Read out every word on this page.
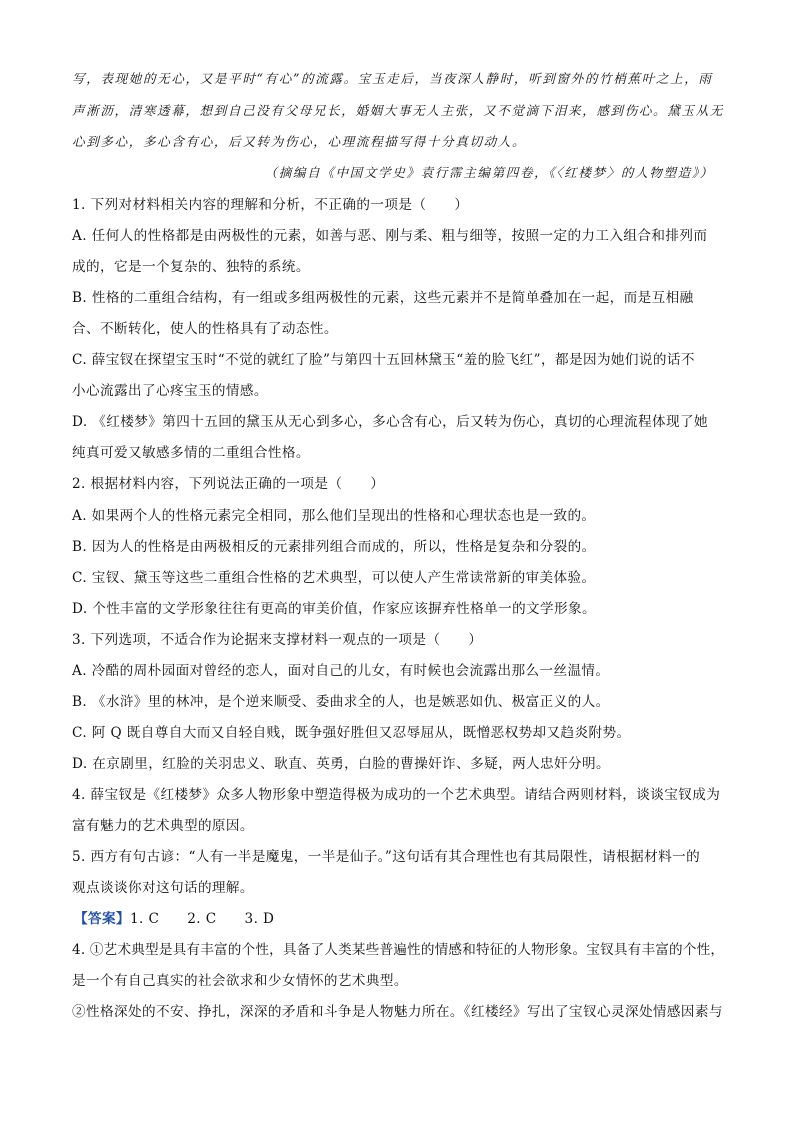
写，表现她的无心，又是平时“有心”的流露。宝玉走后，当夜深人静时，听到窗外的竹梢蕉叶之上，雨
声淅沥，清寒透幕，想到自己没有父母兄长，婚姻大事无人主张，又不觉滴下泪来，感到伤心。黛玉从无
心到多心，多心含有心，后又转为伤心，心理流程描写得十分真切动人。
（摘编自《中国文学史》袁行霈主编第四卷，《〈红楼梦〉的人物塑造》）
1. 下列对材料相关内容的理解和分析，不正确的一项是（　　）
A. 任何人的性格都是由两极性的元素，如善与恶、刚与柔、粗与细等，按照一定的力工入组合和排列而
成的，它是一个复杂的、独特的系统。
B. 性格的二重组合结构，有一组或多组两极性的元素，这些元素并不是简单叠加在一起，而是互相融
合、不断转化，使人的性格具有了动态性。
C. 薛宝钗在探望宝玉时“不觉的就红了脸”与第四十五回林黛玉“羞的脸飞红”，都是因为她们说的话不
小心流露出了心疼宝玉的情感。
D. 《红楼梦》第四十五回的黛玉从无心到多心，多心含有心，后又转为伤心，真切的心理流程体现了她
纯真可爱又敏感多情的二重组合性格。
2. 根据材料内容，下列说法正确的一项是（　　）
A. 如果两个人的性格元素完全相同，那么他们呈现出的性格和心理状态也是一致的。
B. 因为人的性格是由两极相反的元素排列组合而成的，所以，性格是复杂和分裂的。
C. 宝钗、黛玉等这些二重组合性格的艺术典型，可以使人产生常读常新的审美体验。
D. 个性丰富的文学形象往往有更高的审美价值，作家应该摒弃性格单一的文学形象。
3. 下列选项，不适合作为论据来支撑材料一观点的一项是（　　）
A. 冷酷的周朴园面对曾经的恋人，面对自己的儿女，有时候也会流露出那么一丝温情。
B. 《水浒》里的林冲，是个逆来顺受、委曲求全的人，也是嫉恶如仇、极富正义的人。
C. 阿 Q 既自尊自大而又自轻自贱，既争强好胜但又忍辱屈从，既憎恶权势却又趋炎附势。
D. 在京剧里，红脸的关羽忠义、耿直、英勇，白脸的曹操奸诈、多疑，两人忠奸分明。
4. 薛宝钗是《红楼梦》众多人物形象中塑造得极为成功的一个艺术典型。请结合两则材料，谈谈宝钗成为
富有魅力的艺术典型的原因。
5. 西方有句古谚：“人有一半是魔鬼，一半是仙子。”这句话有其合理性也有其局限性，请根据材料一的
观点谈谈你对这句话的理解。
【答案】1. C　　2. C　　3. D
4. ①艺术典型是具有丰富的个性，具备了人类某些普遍性的情感和特征的人物形象。宝钗具有丰富的个性，
是一个有自己真实的社会欲求和少女情怀的艺术典型。
②性格深处的不安、挣扎，深深的矛盾和斗争是人物魅力所在。《红楼经》写出了宝钗心灵深处情感因素与
